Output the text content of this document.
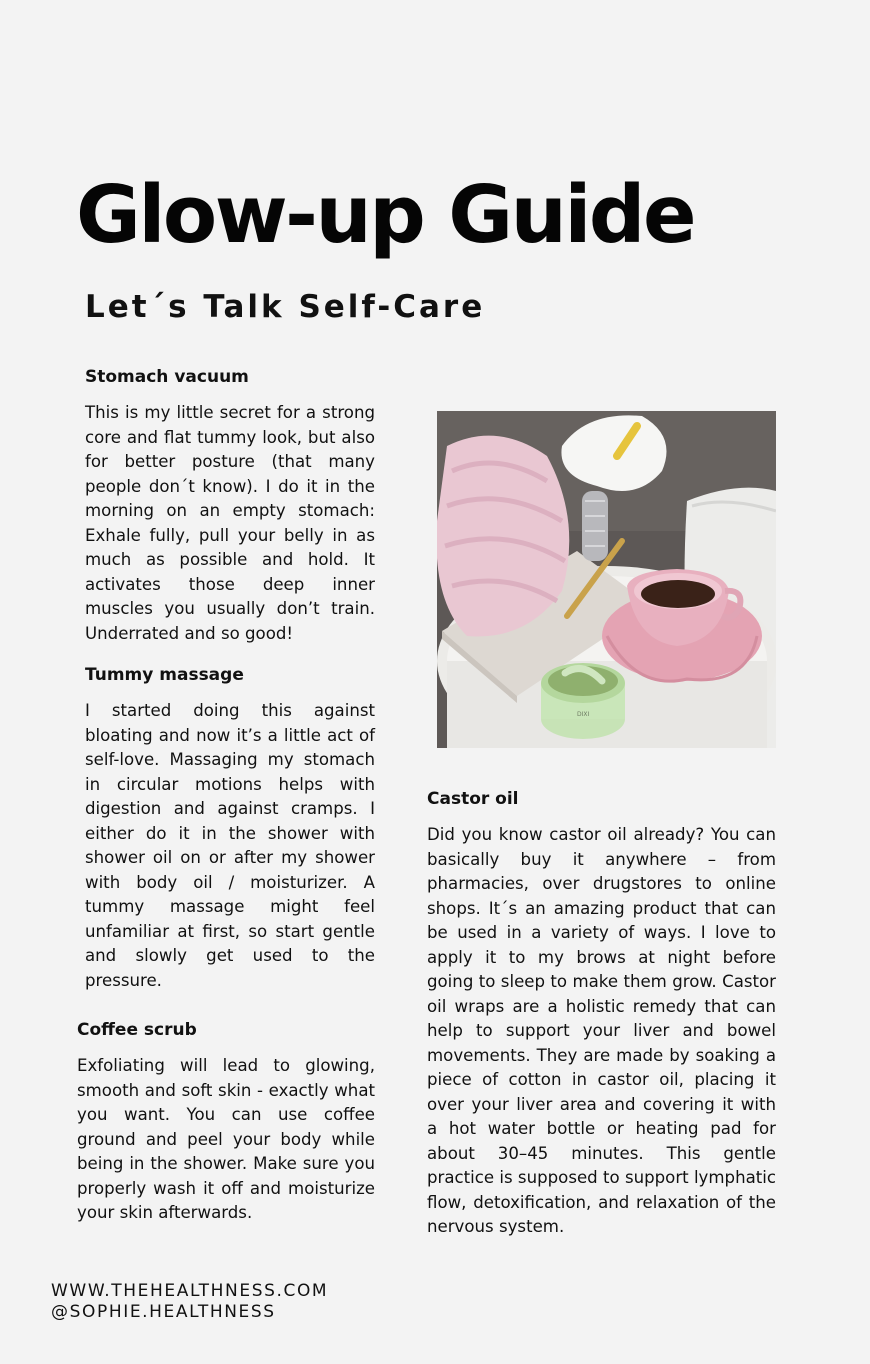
Glow-up Guide
Let´s Talk Self-Care
Stomach vacuum

This is my little secret for a strong core and flat tummy look, but also for better posture (that many people don´t know). I do it in the morning on an empty stomach: Exhale fully, pull your belly in as much as possible and hold. It activates those deep inner muscles you usually don’t train. Underrated and so good!

Tummy massage

I started doing this against bloating and now it’s a little act of self-love. Massaging my stomach in circular motions helps with digestion and against cramps. I either do it in the shower with shower oil on or after my shower with body oil / moisturizer. A tummy massage might feel unfamiliar at first, so start gentle and slowly get used to the pressure.

Coffee scrub

Exfoliating will lead to glowing, smooth and soft skin - exactly what you want. You can use coffee ground and peel your body while being in the shower. Make sure you properly wash it off and moisturize your skin afterwards.

DIXI
Castor oil

Did you know castor oil already? You can basically buy it anywhere – from pharmacies, over drugstores to online shops. It´s an amazing product that can be used in a variety of ways. I love to apply it to my brows at night before going to sleep to make them grow. Castor oil wraps are a holistic remedy that can help to support your liver and bowel movements. They are made by soaking a piece of cotton in castor oil, placing it over your liver area and covering it with a hot water bottle or heating pad for about 30–45 minutes. This gentle practice is supposed to support lymphatic flow, detoxification, and relaxation of the nervous system.

WWW.THEHEALTHNESS.COM
@SOPHIE.HEALTHNESS
